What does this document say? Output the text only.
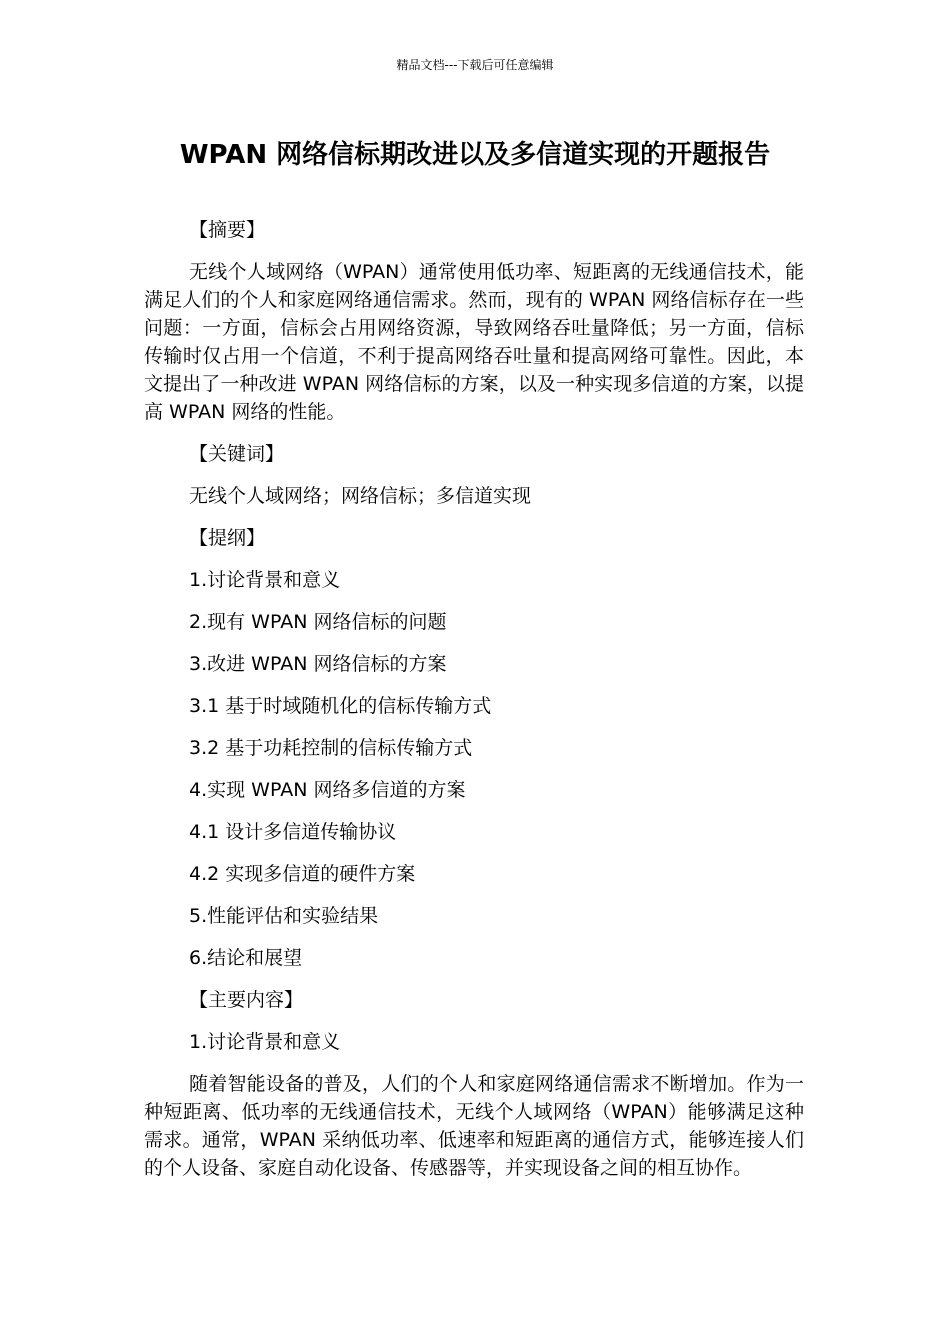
精品文档---下载后可任意编辑
WPAN 网络信标期改进以及多信道实现的开题报告

【摘要】

无线个人域网络（WPAN）通常使用低功率、短距离的无线通信技术，能满足人们的个人和家庭网络通信需求。然而，现有的 WPAN 网络信标存在一些问题：一方面，信标会占用网络资源，导致网络吞吐量降低；另一方面，信标传输时仅占用一个信道，不利于提高网络吞吐量和提高网络可靠性。因此，本文提出了一种改进 WPAN 网络信标的方案，以及一种实现多信道的方案，以提高 WPAN 网络的性能。

【关键词】

无线个人域网络；网络信标；多信道实现

【提纲】

1.讨论背景和意义

2.现有 WPAN 网络信标的问题

3.改进 WPAN 网络信标的方案

3.1 基于时域随机化的信标传输方式

3.2 基于功耗控制的信标传输方式

4.实现 WPAN 网络多信道的方案

4.1 设计多信道传输协议

4.2 实现多信道的硬件方案

5.性能评估和实验结果

6.结论和展望

【主要内容】

1.讨论背景和意义

随着智能设备的普及，人们的个人和家庭网络通信需求不断增加。作为一种短距离、低功率的无线通信技术，无线个人域网络（WPAN）能够满足这种需求。通常，WPAN 采纳低功率、低速率和短距离的通信方式，能够连接人们的个人设备、家庭自动化设备、传感器等，并实现设备之间的相互协作。
